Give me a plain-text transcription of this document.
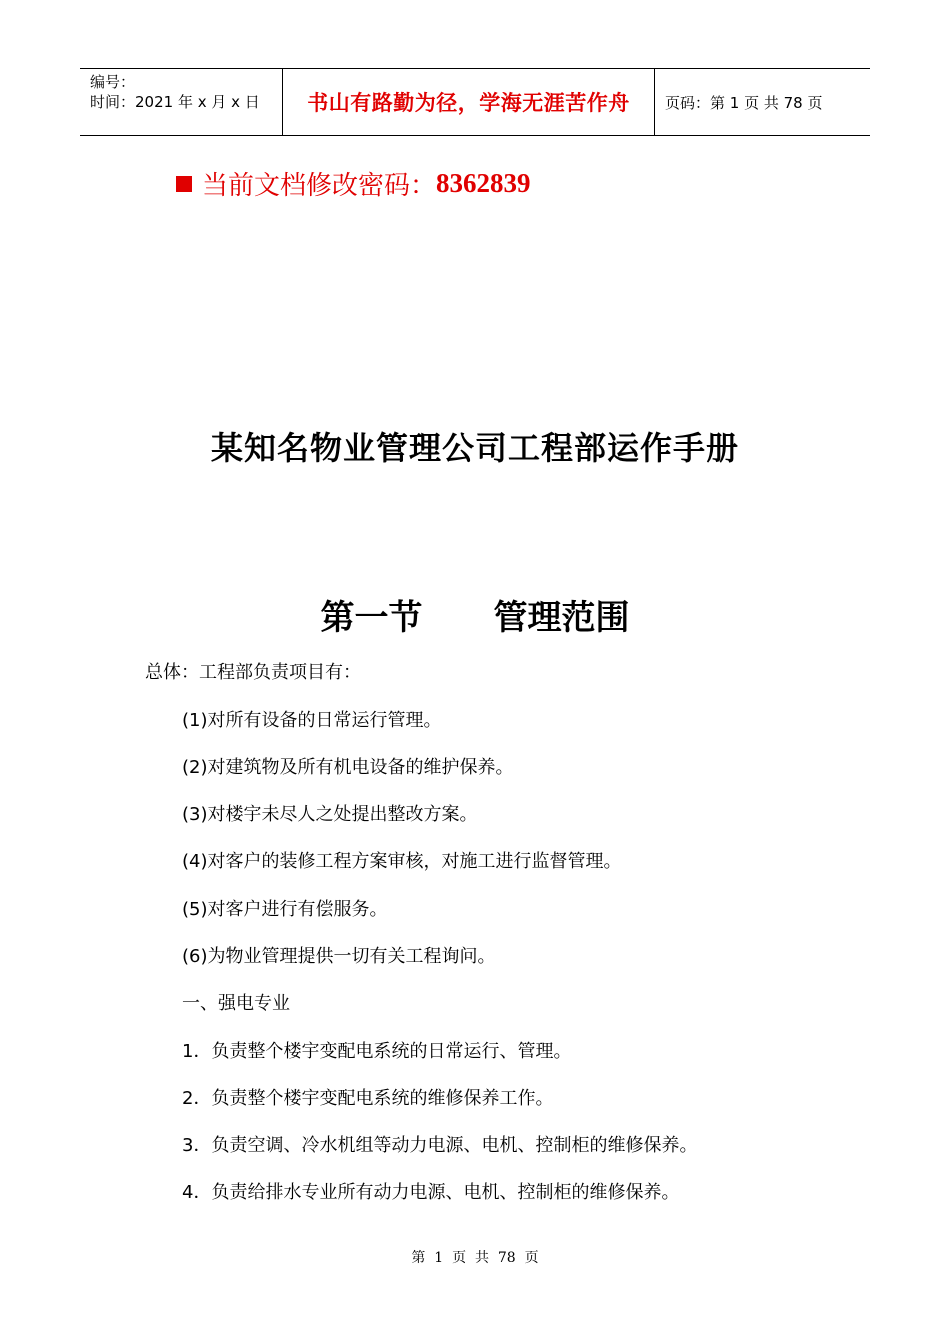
编号：
时间：2021 年 x 月 x 日	书山有路勤为径，学海无涯苦作舟 页码：第 1 页 共 78 页
当前文档修改密码： 8362839
某知名物业管理公司工程部运作手册
第一节      管理范围
总体：工程部负责项目有：
(1)对所有设备的日常运行管理。
(2)对建筑物及所有机电设备的维护保养。
(3)对楼宇未尽人之处提出整改方案。
(4)对客户的装修工程方案审核，对施工进行监督管理。
(5)对客户进行有偿服务。
(6)为物业管理提供一切有关工程询问。
一、强电专业
1．负责整个楼宇变配电系统的日常运行、管理。
2．负责整个楼宇变配电系统的维修保养工作。
3．负责空调、冷水机组等动力电源、电机、控制柜的维修保养。
4．负责给排水专业所有动力电源、电机、控制柜的维修保养。
第  1  页  共  78  页
